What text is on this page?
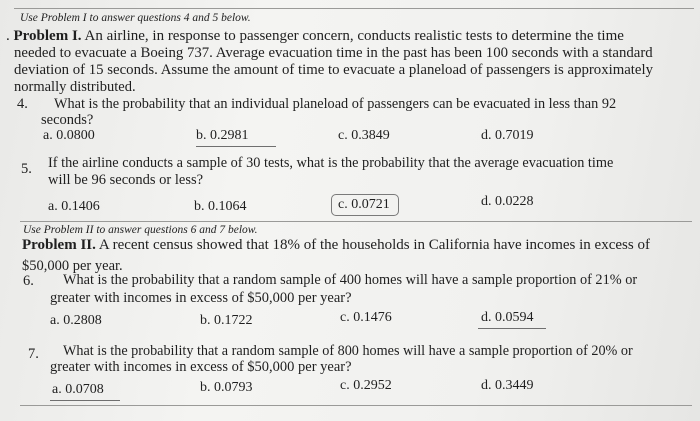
Use Problem I to answer questions 4 and 5 below.
. Problem I. An airline, in response to passenger concern, conducts realistic tests to determine the time
needed to evacuate a Boeing 737. Average evacuation time in the past has been 100 seconds with a standard
deviation of 15 seconds. Assume the amount of time to evacuate a planeload of passengers is approximately
normally distributed.
4. What is the probability that an individual planeload of passengers can be evacuated in less than 92
seconds?
a. 0.0800	b. 0.2981	c. 0.3849	d. 0.7019
5. If the airline conducts a sample of 30 tests, what is the probability that the average evacuation time
will be 96 seconds or less?
a. 0.1406	b. 0.1064	c. 0.0721	d. 0.0228
Use Problem II to answer questions 6 and 7 below.
Problem II. A recent census showed that 18% of the households in California have incomes in excess of
$50,000 per year.
6. What is the probability that a random sample of 400 homes will have a sample proportion of 21% or
greater with incomes in excess of $50,000 per year?
a. 0.2808	b. 0.1722	c. 0.1476	d. 0.0594
7. What is the probability that a random sample of 800 homes will have a sample proportion of 20% or
greater with incomes in excess of $50,000 per year?
a. 0.0708	b. 0.0793	c. 0.2952	d. 0.3449
